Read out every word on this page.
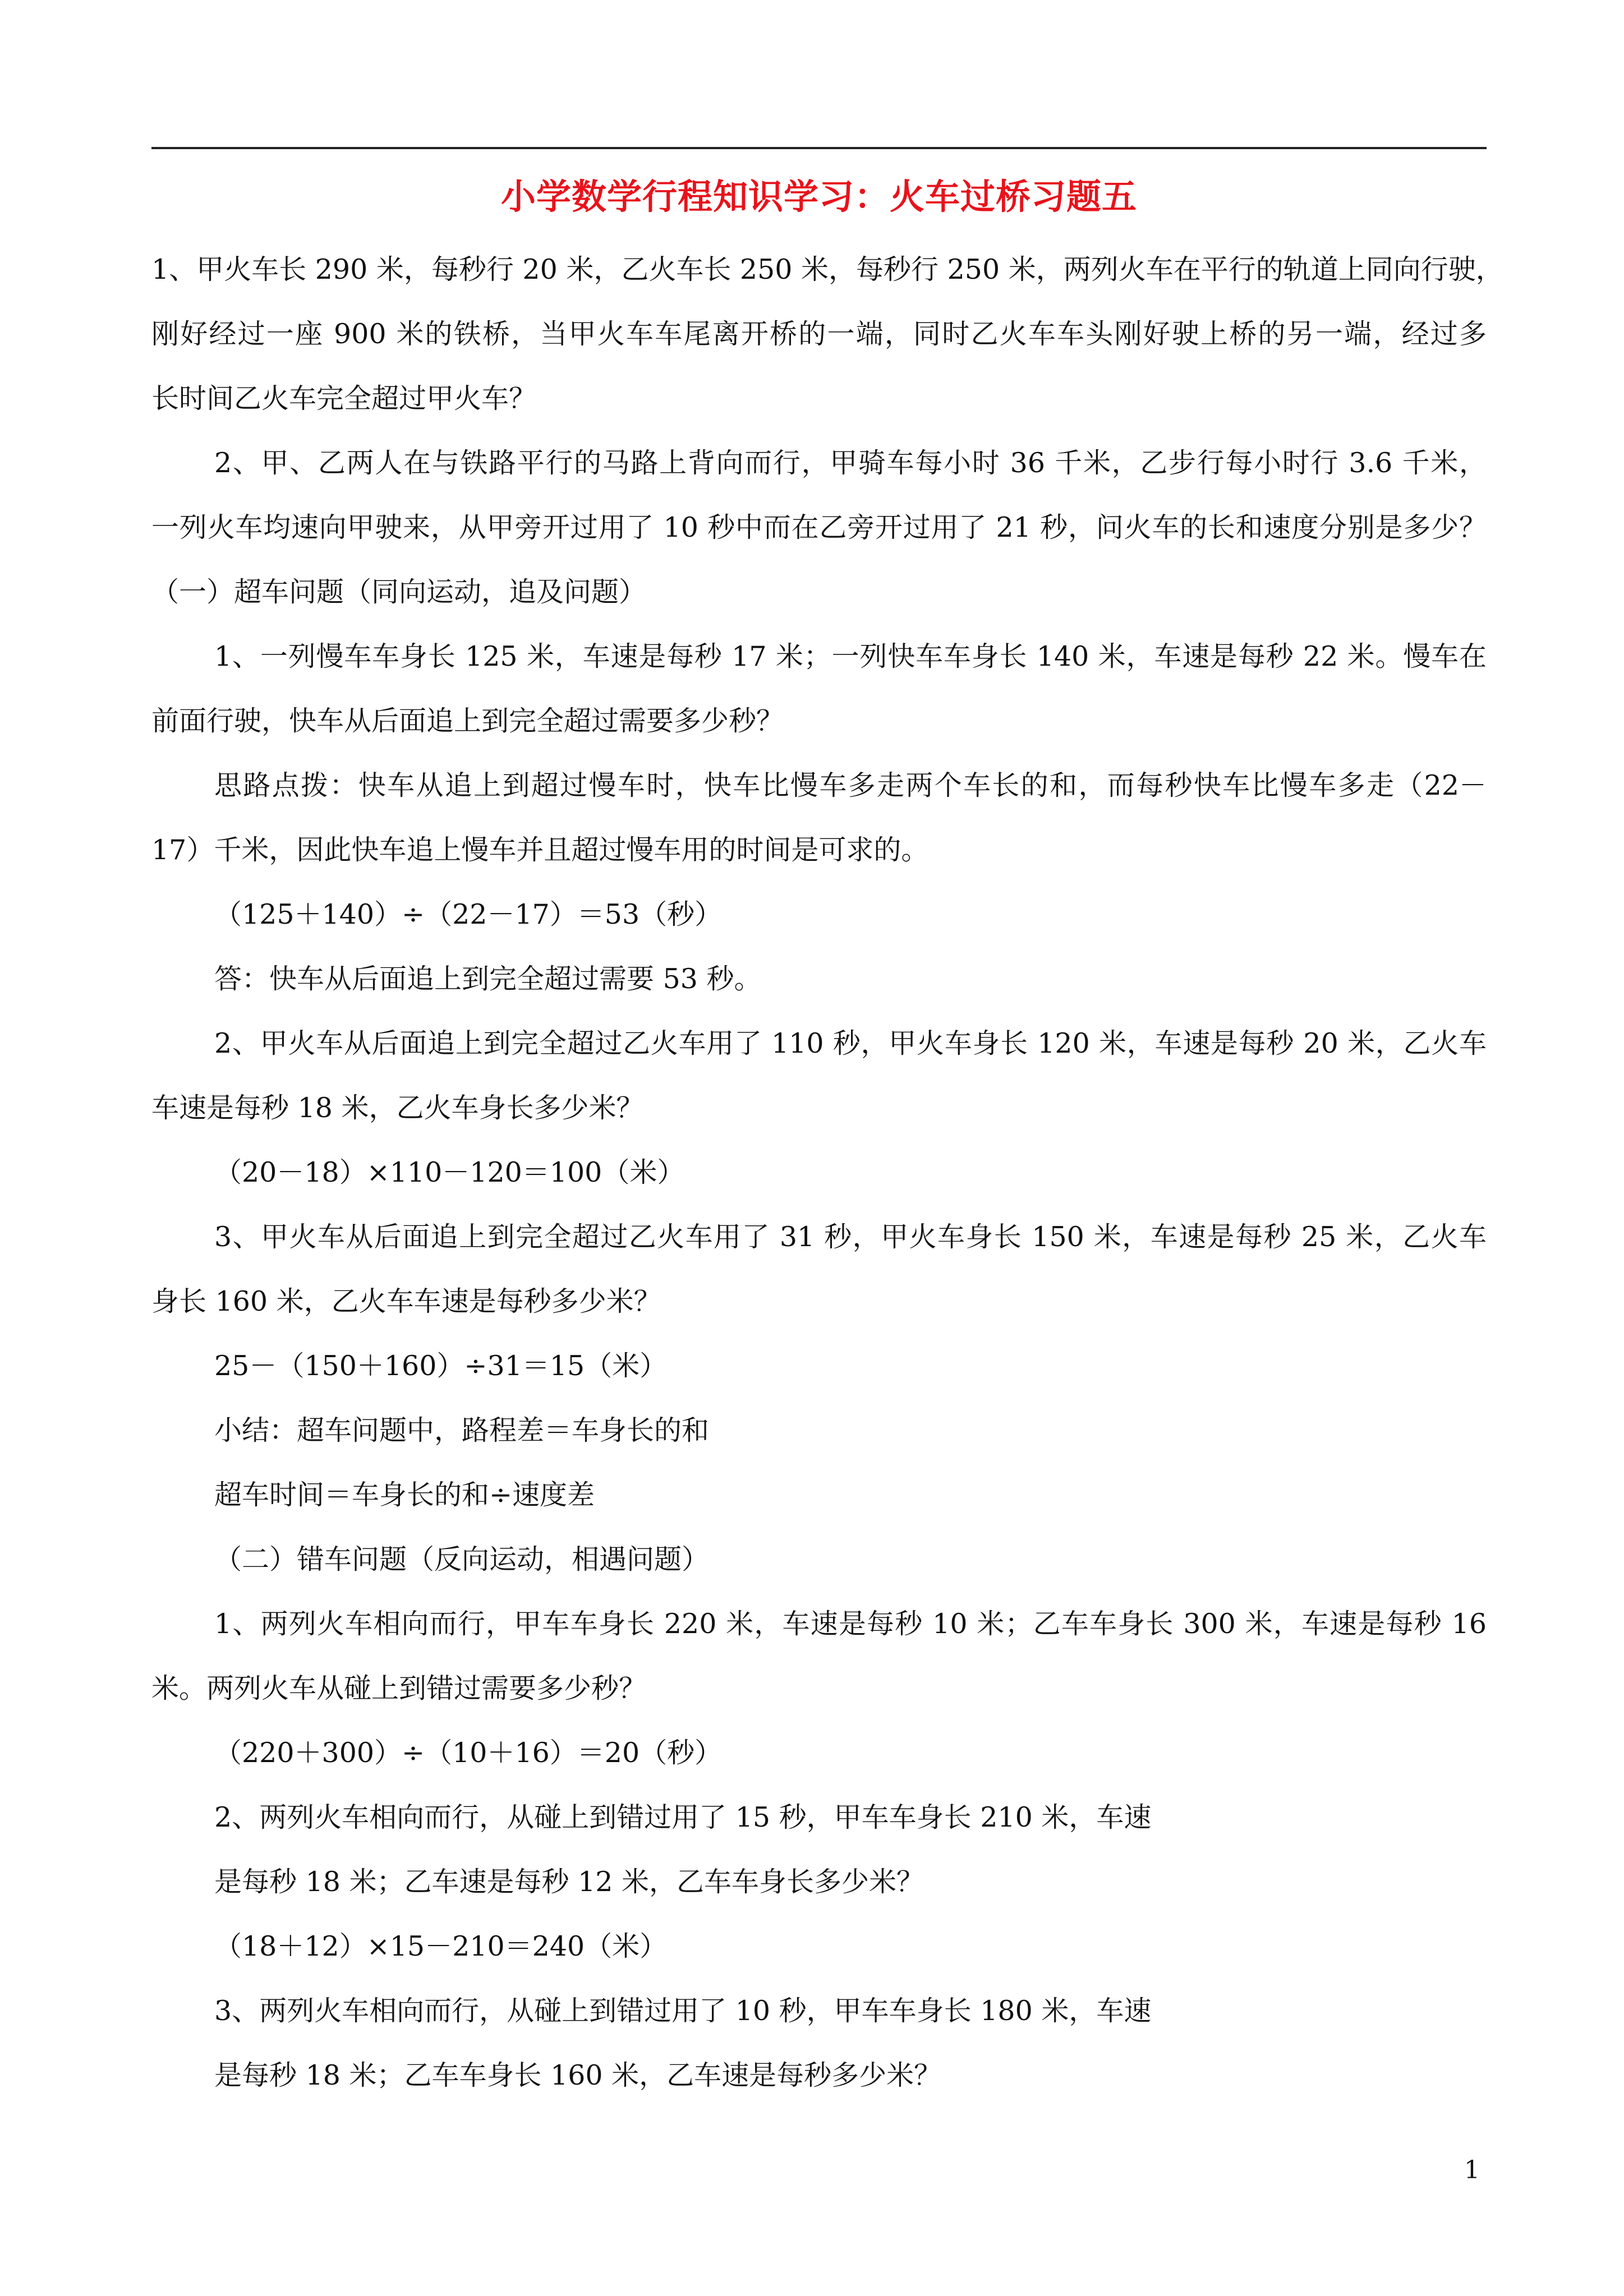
小学数学行程知识学习：火车过桥习题五
1、甲火车长 290 米，每秒行 20 米，乙火车长 250 米，每秒行 250 米，两列火车在平行的轨道上同向行驶，
刚好经过一座 900 米的铁桥，当甲火车车尾离开桥的一端，同时乙火车车头刚好驶上桥的另一端，经过多
长时间乙火车完全超过甲火车？
2、甲、乙两人在与铁路平行的马路上背向而行，甲骑车每小时 36 千米，乙步行每小时行 3.6 千米，
一列火车均速向甲驶来，从甲旁开过用了 10 秒中而在乙旁开过用了 21 秒，问火车的长和速度分别是多少？
（一）超车问题（同向运动，追及问题）
1、一列慢车车身长 125 米，车速是每秒 17 米；一列快车车身长 140 米，车速是每秒 22 米。慢车在
前面行驶，快车从后面追上到完全超过需要多少秒？
思路点拨：快车从追上到超过慢车时，快车比慢车多走两个车长的和，而每秒快车比慢车多走（22－
17）千米，因此快车追上慢车并且超过慢车用的时间是可求的。
（125＋140）÷（22－17）＝53（秒）
答：快车从后面追上到完全超过需要 53 秒。
2、甲火车从后面追上到完全超过乙火车用了 110 秒，甲火车身长 120 米，车速是每秒 20 米，乙火车
车速是每秒 18 米，乙火车身长多少米？
（20－18）×110－120＝100（米）
3、甲火车从后面追上到完全超过乙火车用了 31 秒，甲火车身长 150 米，车速是每秒 25 米，乙火车
身长 160 米，乙火车车速是每秒多少米？
25－（150＋160）÷31＝15（米）
小结：超车问题中，路程差＝车身长的和
超车时间＝车身长的和÷速度差
（二）错车问题（反向运动，相遇问题）
1、两列火车相向而行，甲车车身长 220 米，车速是每秒 10 米；乙车车身长 300 米，车速是每秒 16
米。两列火车从碰上到错过需要多少秒？
（220＋300）÷（10＋16）＝20（秒）
2、两列火车相向而行，从碰上到错过用了 15 秒，甲车车身长 210 米，车速
是每秒 18 米；乙车速是每秒 12 米，乙车车身长多少米？
（18＋12）×15－210＝240（米）
3、两列火车相向而行，从碰上到错过用了 10 秒，甲车车身长 180 米，车速
是每秒 18 米；乙车车身长 160 米，乙车速是每秒多少米？
1
